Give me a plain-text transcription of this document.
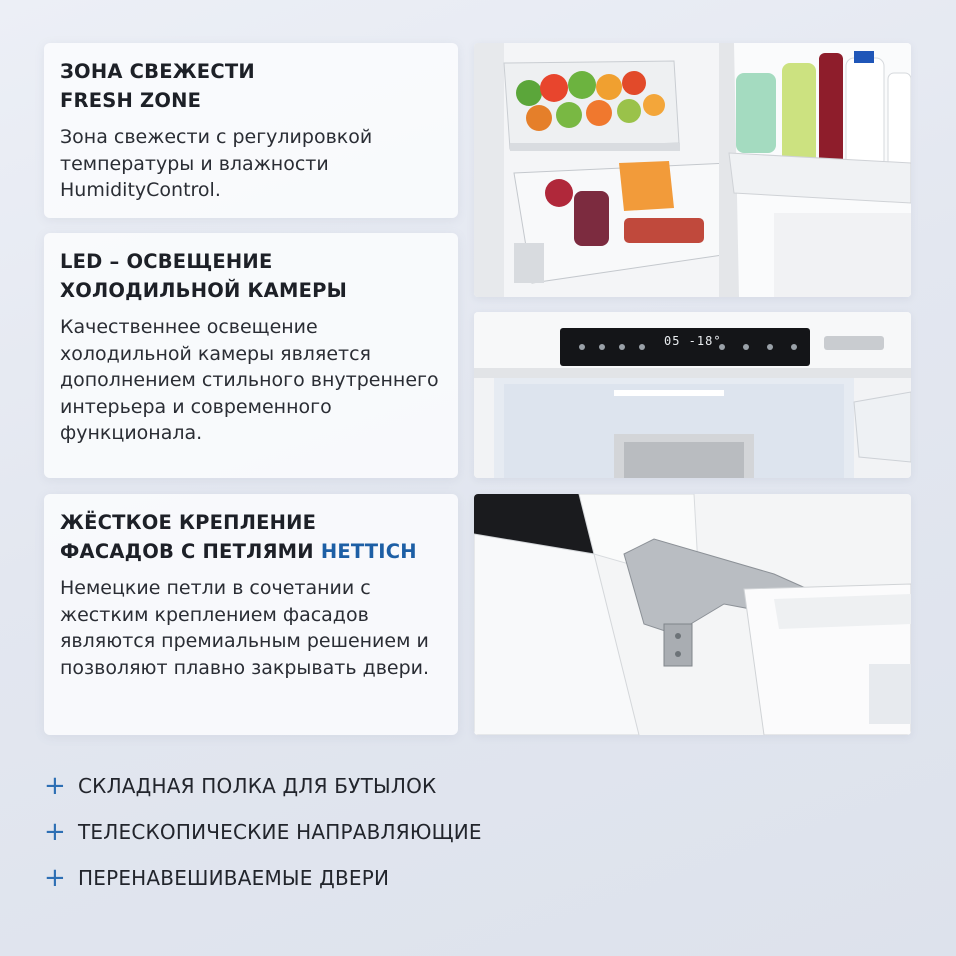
ЗОНА СВЕЖЕСТИ
FRESH ZONE

Зона свежести с регулировкой температуры и влажности HumidityControl.

LED – ОСВЕЩЕНИЕ
ХОЛОДИЛЬНОЙ КАМЕРЫ

Качественнее освещение холодильной камеры является дополнением стильного внутреннего интерьера и современного функционала.

ЖЁСТКОЕ КРЕПЛЕНИЕ
ФАСАДОВ С ПЕТЛЯМИ HETTICH

Немецкие петли в сочетании с жестким креплением фасадов являются премиальным решением и позволяют плавно закрывать двери.

05 -18°
+ СКЛАДНАЯ ПОЛКА ДЛЯ БУТЫЛОК
+ ТЕЛЕСКОПИЧЕСКИЕ НАПРАВЛЯЮЩИЕ
+ ПЕРЕНАВЕШИВАЕМЫЕ ДВЕРИ
